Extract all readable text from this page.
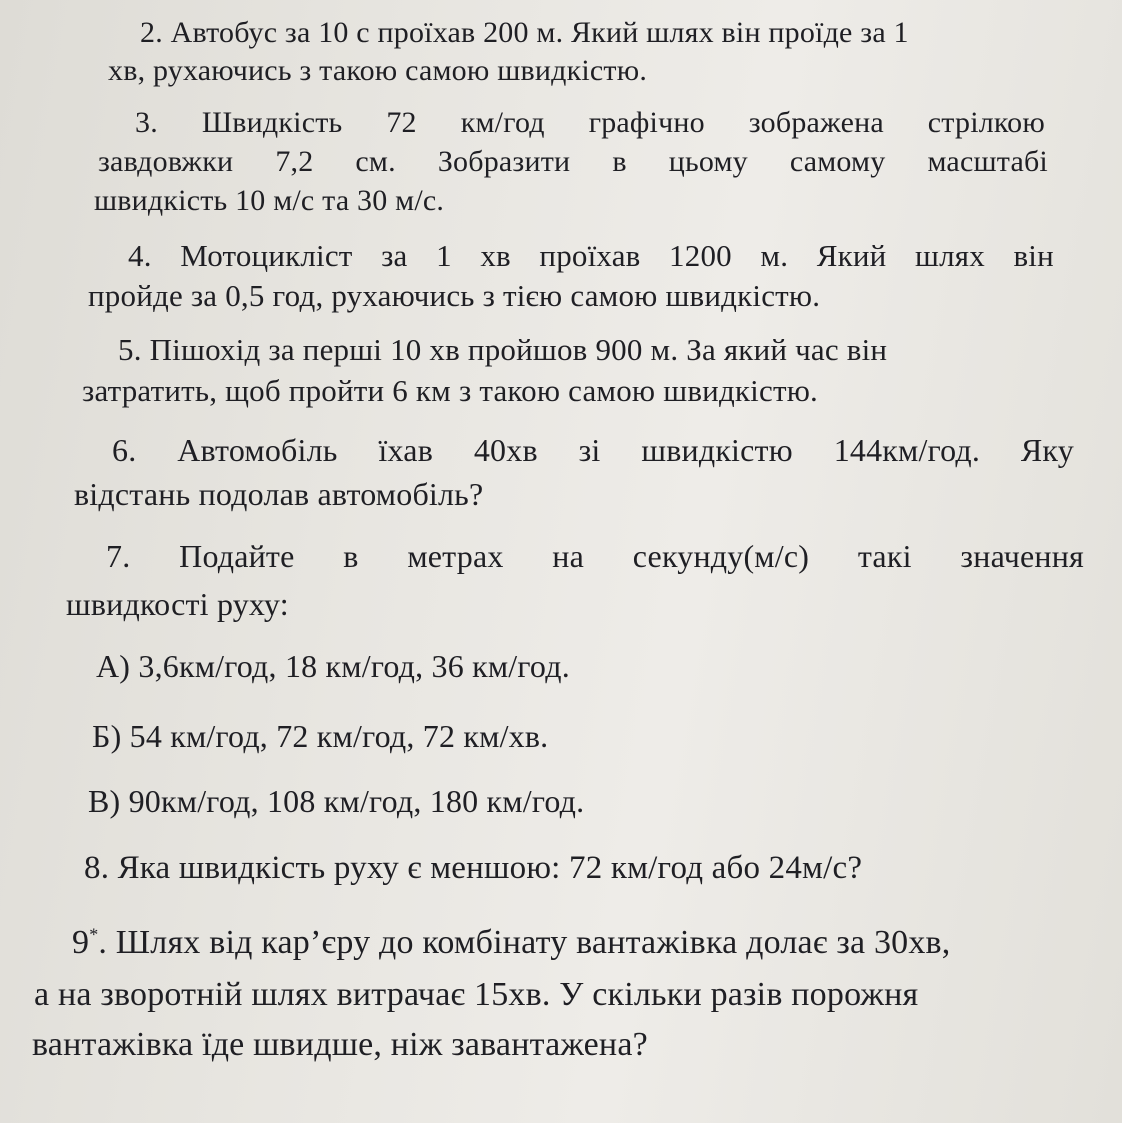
2. Автобус за 10 с проїхав 200 м. Який шлях він проїде за 1
хв, рухаючись з такою самою швидкістю.
3. Швидкість 72 км/год графічно зображена стрілкою
завдовжки 7,2 см. Зобразити в цьому самому масштабі
швидкість 10 м/с та 30 м/с.
4. Мотоцикліст за 1 хв проїхав 1200 м. Який шлях він
пройде за 0,5 год, рухаючись з тією самою швидкістю.
5. Пішохід за перші 10 хв пройшов 900 м. За який час він
затратить, щоб пройти 6 км з такою самою швидкістю.
6. Автомобіль їхав 40хв зі швидкістю 144км/год. Яку
відстань подолав автомобіль?
7. Подайте в метрах на секунду(м/с) такі значення
швидкості руху:
А) 3,6км/год, 18 км/год, 36 км/год.
Б) 54 км/год, 72 км/год, 72 км/хв.
В) 90км/год, 108 км/год, 180 км/год.
8. Яка швидкість руху є меншою: 72 км/год або 24м/с?
9*. Шлях від кар’єру до комбінату вантажівка долає за 30хв,
а на зворотній шлях витрачає 15хв. У скільки разів порожня
вантажівка їде швидше, ніж завантажена?
